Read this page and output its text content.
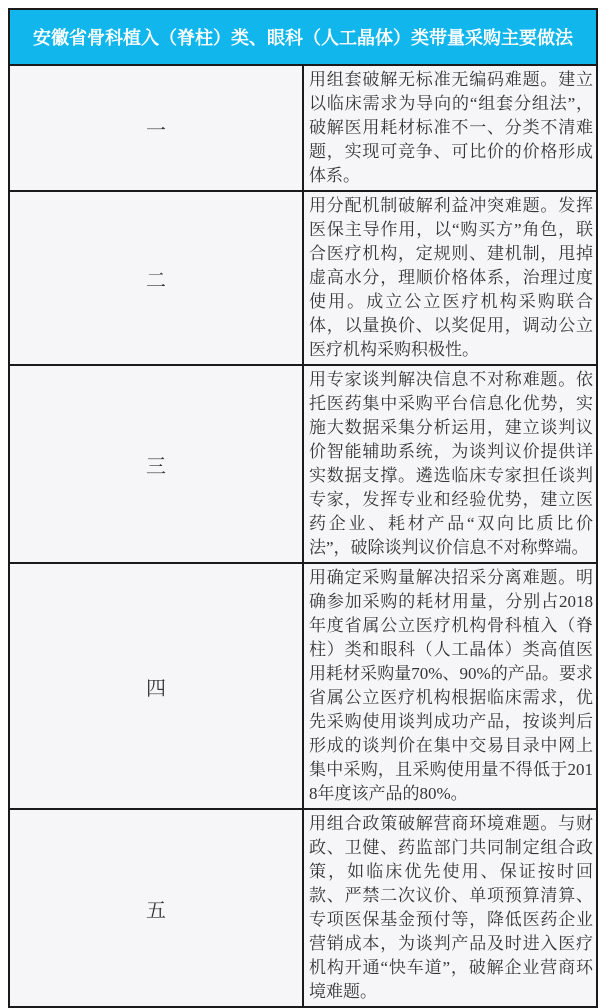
安徽省骨科植入（脊柱）类、眼科（人工晶体）类带量采购主要做法	
一	用组套破解无标准无编码难题。建立以临床需求为导向的“组套分组法”，破解医用耗材标准不一、分类不清难题，实现可竞争、可比价的价格形成体系。
二	用分配机制破解利益冲突难题。发挥医保主导作用，以“购买方”角色，联合医疗机构，定规则、建机制，甩掉虚高水分，理顺价格体系，治理过度使用。成立公立医疗机构采购联合体，以量换价、以奖促用，调动公立医疗机构采购积极性。
三	用专家谈判解决信息不对称难题。依托医药集中采购平台信息化优势，实施大数据采集分析运用，建立谈判议价智能辅助系统，为谈判议价提供详实数据支撑。遴选临床专家担任谈判专家，发挥专业和经验优势，建立医药企业、耗材产品“双向比质比价法”，破除谈判议价信息不对称弊端。
四	用确定采购量解决招采分离难题。明确参加采购的耗材用量，分别占2018年度省属公立医疗机构骨科植入（脊柱）类和眼科（人工晶体）类高值医用耗材采购量70%、90%的产品。要求省属公立医疗机构根据临床需求，优先采购使用谈判成功产品，按谈判后形成的谈判价在集中交易目录中网上集中采购，且采购使用量不得低于2018年度该产品的80%。
五	用组合政策破解营商环境难题。与财政、卫健、药监部门共同制定组合政策，如临床优先使用、保证按时回款、严禁二次议价、单项预算清算、专项医保基金预付等，降低医药企业营销成本，为谈判产品及时进入医疗机构开通“快车道”，破解企业营商环境难题。
